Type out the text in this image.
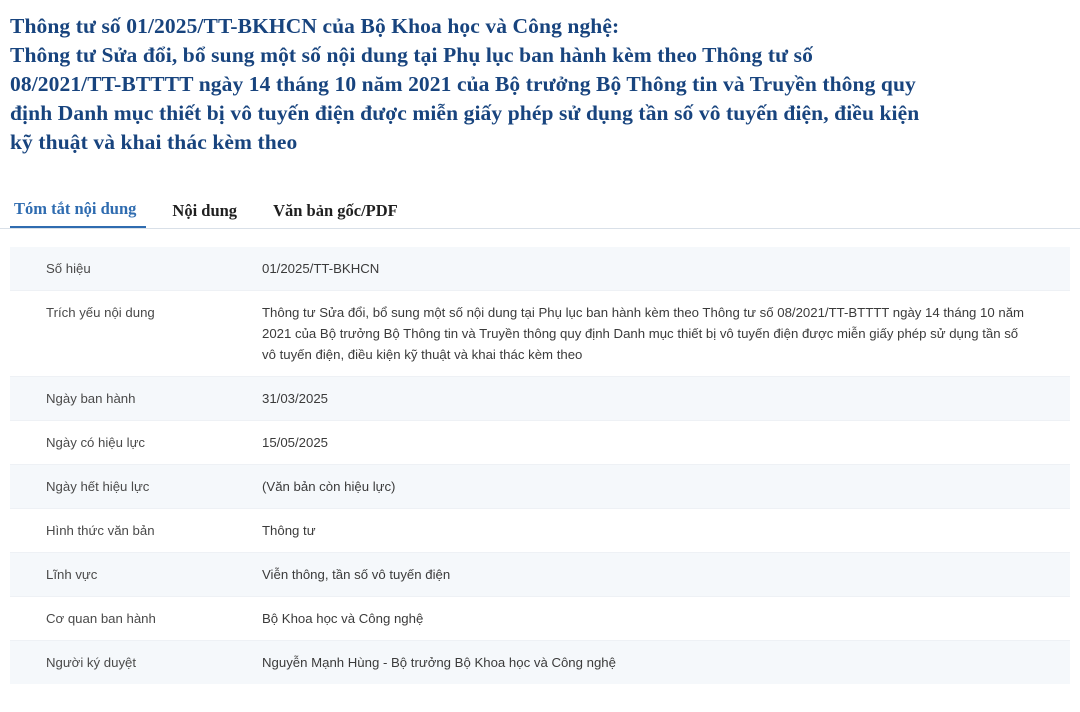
Thông tư số 01/2025/TT-BKHCN của Bộ Khoa học và Công nghệ:
Thông tư Sửa đổi, bổ sung một số nội dung tại Phụ lục ban hành kèm theo Thông tư số
08/2021/TT-BTTTT ngày 14 tháng 10 năm 2021 của Bộ trưởng Bộ Thông tin và Truyền thông quy
định Danh mục thiết bị vô tuyến điện được miễn giấy phép sử dụng tần số vô tuyến điện, điều kiện
kỹ thuật và khai thác kèm theo
Tóm tắt nội dung	Nội dung	Văn bản gốc/PDF
Số hiệu	01/2025/TT-BKHCN
Trích yếu nội dung	Thông tư Sửa đổi, bổ sung một số nội dung tại Phụ lục ban hành kèm theo Thông tư số 08/2021/TT-BTTTT ngày 14 tháng 10 năm 2021 của Bộ trưởng Bộ Thông tin và Truyền thông quy định Danh mục thiết bị vô tuyến điện được miễn giấy phép sử dụng tần số vô tuyến điện, điều kiện kỹ thuật và khai thác kèm theo
Ngày ban hành	31/03/2025
Ngày có hiệu lực	15/05/2025
Ngày hết hiệu lực	(Văn bản còn hiệu lực)
Hình thức văn bản	Thông tư
Lĩnh vực	Viễn thông, tần số vô tuyến điện
Cơ quan ban hành	Bộ Khoa học và Công nghệ
Người ký duyệt	Nguyễn Mạnh Hùng - Bộ trưởng Bộ Khoa học và Công nghệ
